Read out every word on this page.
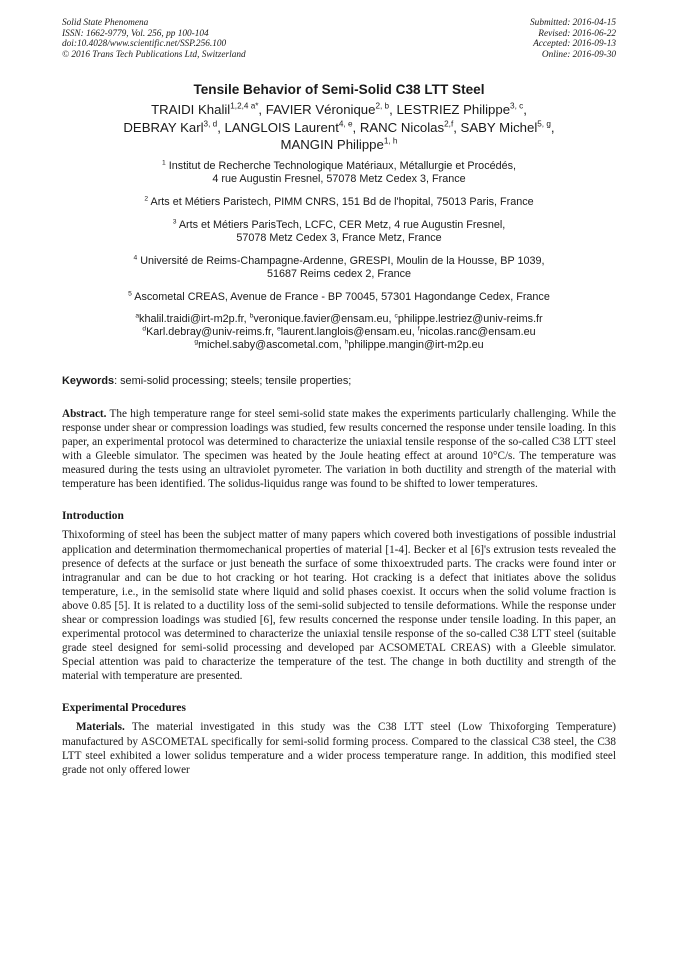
Solid State Phenomena
ISSN: 1662-9779, Vol. 256, pp 100-104
doi:10.4028/www.scientific.net/SSP.256.100
© 2016 Trans Tech Publications Ltd, Switzerland
Submitted: 2016-04-15
Revised: 2016-06-22
Accepted: 2016-09-13
Online: 2016-09-30
Tensile Behavior of Semi-Solid C38 LTT Steel
TRAIDI Khalil$^{1,2,4 a*}$, FAVIER Véronique$^{2, b}$, LESTRIEZ Philippe$^{3, c}$,
DEBRAY Karl$^{3, d}$, LANGLOIS Laurent$^{4, e}$, RANC Nicolas$^{2,f}$, SABY Michel$^{5, g}$,
MANGIN Philippe$^{1, h}$
$^1$ Institut de Recherche Technologique Matériaux, Métallurgie et Procédés,
4 rue Augustin Fresnel, 57078 Metz Cedex 3, France
$^2$ Arts et Métiers Paristech, PIMM CNRS, 151 Bd de l'hopital, 75013 Paris, France
$^3$ Arts et Métiers ParisTech, LCFC, CER Metz, 4 rue Augustin Fresnel,
57078 Metz Cedex 3, France Metz, France
$^4$ Université de Reims-Champagne-Ardenne, GRESPI, Moulin de la Housse, BP 1039,
51687 Reims cedex 2, France
$^5$ Ascometal CREAS, Avenue de France - BP 70045, 57301 Hagondange Cedex, France
$^a$khalil.traidi@irt-m2p.fr, $^b$veronique.favier@ensam.eu, $^c$philippe.lestriez@univ-reims.fr
$^d$Karl.debray@univ-reims.fr, $^e$laurent.langlois@ensam.eu, $^f$nicolas.ranc@ensam.eu
$^g$michel.saby@ascometal.com, $^h$philippe.mangin@irt-m2p.eu
Keywords: semi-solid processing; steels; tensile properties;
Abstract. The high temperature range for steel semi-solid state makes the experiments particularly challenging. While the response under shear or compression loadings was studied, few results concerned the response under tensile loading. In this paper, an experimental protocol was determined to characterize the uniaxial tensile response of the so-called C38 LTT steel with a Gleeble simulator. The specimen was heated by the Joule heating effect at around 10°C/s. The temperature was measured during the tests using an ultraviolet pyrometer. The variation in both ductility and strength of the material with temperature has been identified. The solidus-liquidus range was found to be shifted to lower temperatures.
Introduction
Thixoforming of steel has been the subject matter of many papers which covered both investigations of possible industrial application and determination thermomechanical properties of material [1-4]. Becker et al [6]'s extrusion tests revealed the presence of defects at the surface or just beneath the surface of some thixoextruded parts. The cracks were found inter or intragranular and can be due to hot cracking or hot tearing. Hot cracking is a defect that initiates above the solidus temperature, i.e., in the semisolid state where liquid and solid phases coexist. It occurs when the solid volume fraction is above 0.85 [5]. It is related to a ductility loss of the semi-solid subjected to tensile deformations. While the response under shear or compression loadings was studied [6], few results concerned the response under tensile loading. In this paper, an experimental protocol was determined to characterize the uniaxial tensile response of the so-called C38 LTT steel (suitable grade steel designed for semi-solid processing and developed par ACSOMETAL CREAS) with a Gleeble simulator. Special attention was paid to characterize the temperature of the test. The change in both ductility and strength of the material with temperature are presented.
Experimental Procedures
Materials. The material investigated in this study was the C38 LTT steel (Low Thixoforging Temperature) manufactured by ASCOMETAL specifically for semi-solid forming process. Compared to the classical C38 steel, the C38 LTT steel exhibited a lower solidus temperature and a wider process temperature range. In addition, this modified steel grade not only offered lower
